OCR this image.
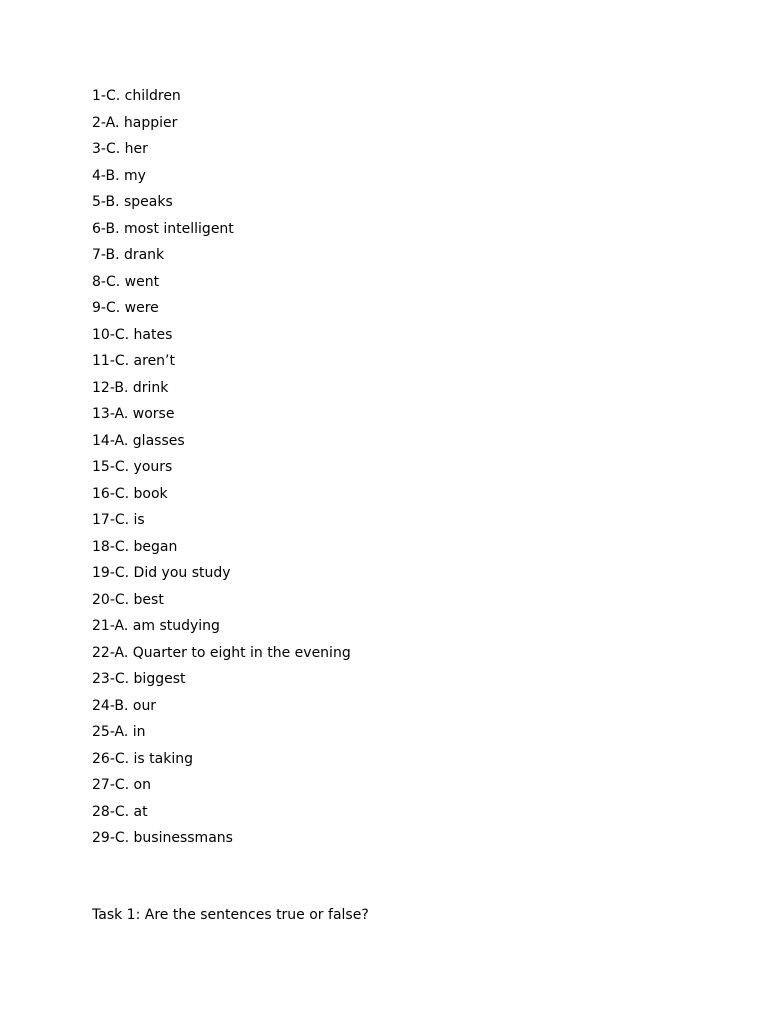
1-C. children
2-A. happier
3-C. her
4-B. my
5-B. speaks
6-B. most intelligent
7-B. drank
8-C. went
9-C. were
10-C. hates
11-C. aren’t
12-B. drink
13-A. worse
14-A. glasses
15-C. yours
16-C. book
17-C. is
18-C. began
19-C. Did you study
20-C. best
21-A. am studying
22-A. Quarter to eight in the evening
23-C. biggest
24-B. our
25-A. in
26-C. is taking
27-C. on
28-C. at
29-C. businessmans
Task 1: Are the sentences true or false?
